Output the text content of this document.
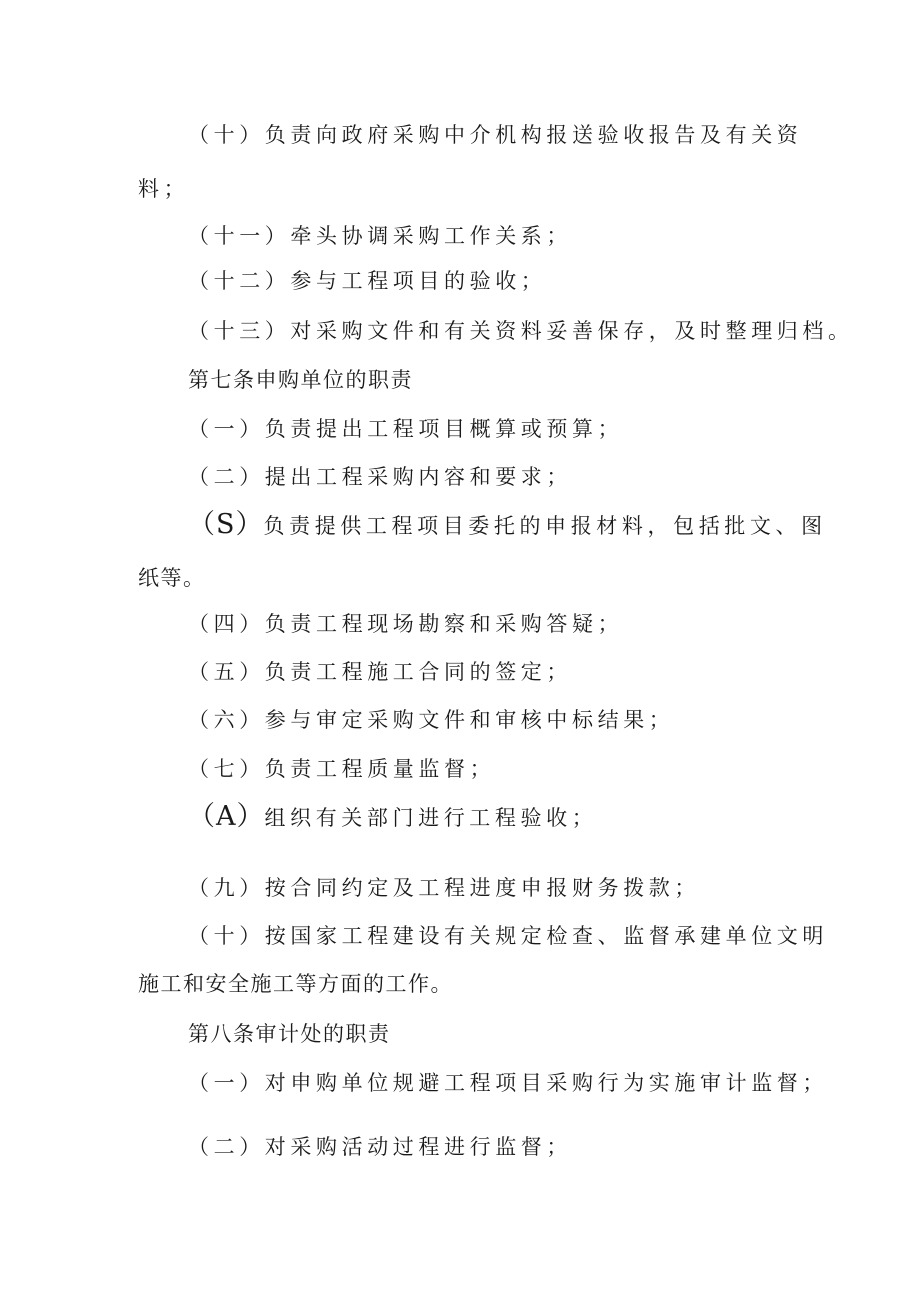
（十）负责向政府采购中介机构报送验收报告及有关资
料；
（十一）牵头协调采购工作关系；
（十二）参与工程项目的验收；
（十三）对采购文件和有关资料妥善保存，及时整理归档。
第七条申购单位的职责
（一）负责提出工程项目概算或预算；
（二）提出工程采购内容和要求；
（S）负责提供工程项目委托的申报材料，包括批文、图
纸等。
（四）负责工程现场勘察和采购答疑；
（五）负责工程施工合同的签定；
（六）参与审定采购文件和审核中标结果；
（七）负责工程质量监督；
（A）组织有关部门进行工程验收；
（九）按合同约定及工程进度申报财务拨款；
（十）按国家工程建设有关规定检查、监督承建单位文明
施工和安全施工等方面的工作。
第八条审计处的职责
（一）对申购单位规避工程项目采购行为实施审计监督；
（二）对采购活动过程进行监督；
